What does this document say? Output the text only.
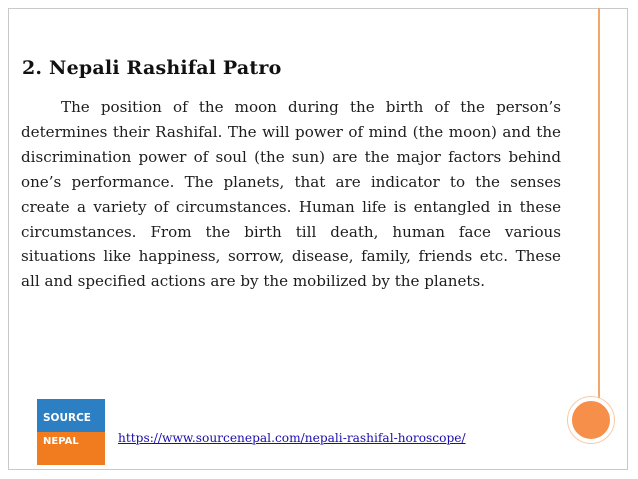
2. Nepali Rashifal Patro

The position of the moon during the birth of the person’s determines their Rashifal. The will power of mind (the moon) and the discrimination power of soul (the sun) are the major factors behind one’s performance. The planets, that are indicator to the senses create a variety of circumstances. Human life is entangled in these circumstances. From the birth till death, human face various situations like happiness, sorrow, disease, family, friends etc. These all and specified actions are by the mobilized by the planets.

SOURCE
NEPAL	https://www.sourcenepal.com/nepali-rashifal-horoscope/
